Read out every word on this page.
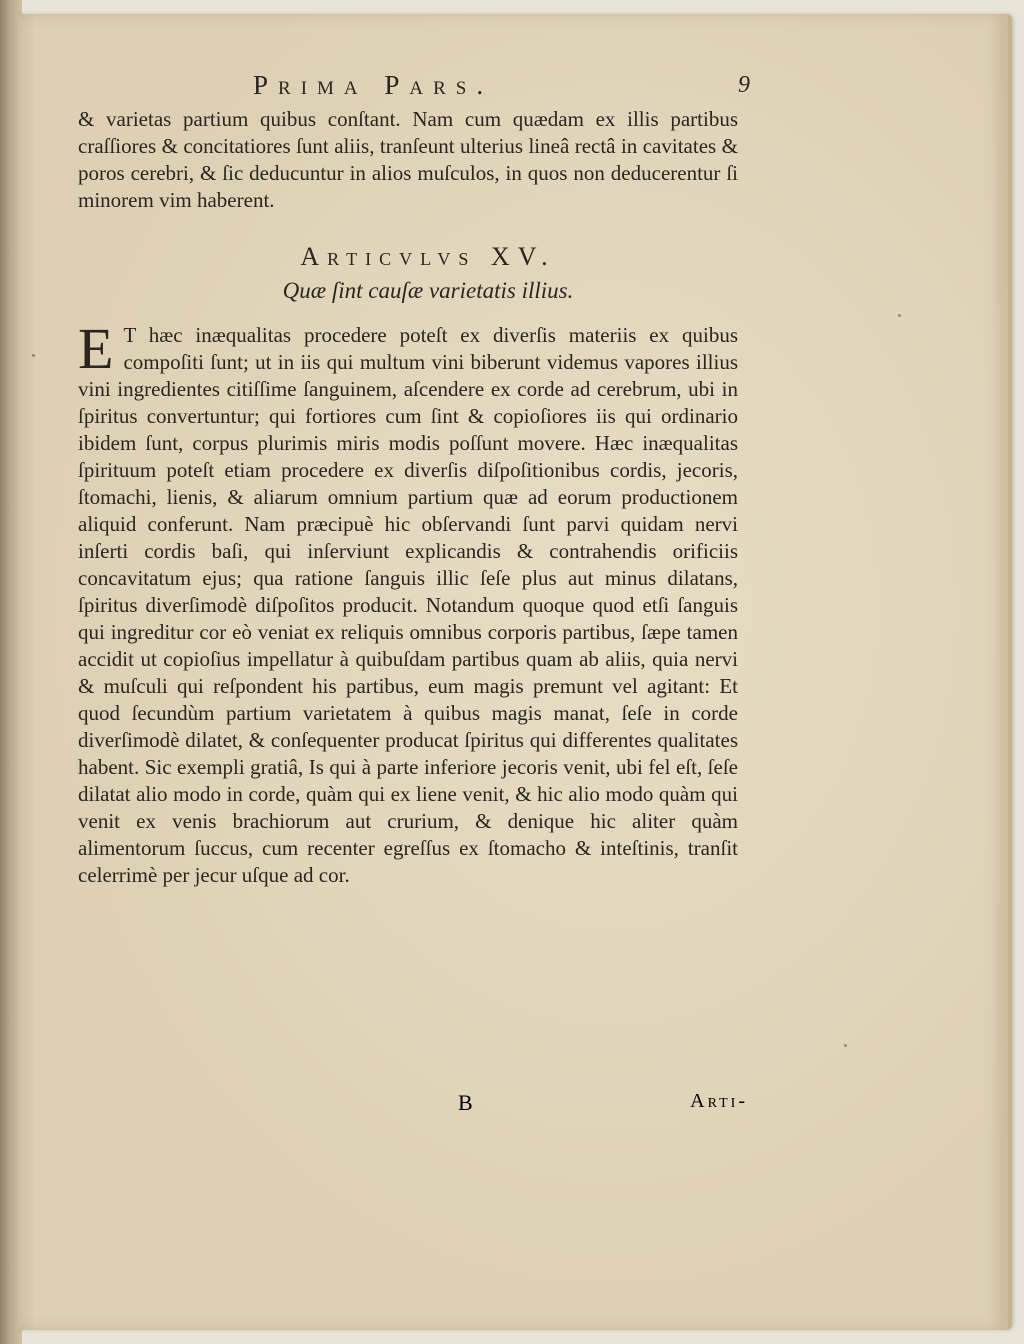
Prima Pars.	9

& varietas partium quibus conſtant. Nam cum quædam ex illis partibus craſſiores & concitatiores ſunt aliis, tranſeunt ulterius lineâ rectâ in cavitates & poros cerebri, & ſic deducuntur in alios muſculos, in quos non deducerentur ſi minorem vim haberent.

Articvlvs XV.
Quæ ſint cauſæ varietatis illius.
E T hæc inæqualitas procedere poteſt ex diverſis materiis ex quibus compoſiti ſunt; ut in iis qui multum vini biberunt videmus vapores illius vini ingredientes citiſſime ſanguinem, aſcendere ex corde ad cerebrum, ubi in ſpiritus convertuntur; qui fortiores cum ſint & copioſiores iis qui ordinario ibidem ſunt, corpus plurimis miris modis poſſunt movere. Hæc inæqualitas ſpirituum poteſt etiam procedere ex diverſis diſpoſitionibus cordis, jecoris, ſtomachi, lienis, & aliarum omnium partium quæ ad eorum productionem aliquid conferunt. Nam præcipuè hic obſervandi ſunt parvi quidam nervi inſerti cordis baſi, qui inſerviunt explicandis & contrahendis orificiis concavitatum ejus; qua ratione ſanguis illic ſeſe plus aut minus dilatans, ſpiritus diverſimodè diſpoſitos producit. Notandum quoque quod etſi ſanguis qui ingreditur cor eò veniat ex reliquis omnibus corporis partibus, ſæpe tamen accidit ut copioſius impellatur à quibuſdam partibus quam ab aliis, quia nervi & muſculi qui reſpondent his partibus, eum magis premunt vel agitant: Et quod ſecundùm partium varietatem à quibus magis manat, ſeſe in corde diverſimodè dilatet, & conſequenter producat ſpiritus qui differentes qualitates habent. Sic exempli gratiâ, Is qui à parte inferiore jecoris venit, ubi fel eſt, ſeſe dilatat alio modo in corde, quàm qui ex liene venit, & hic alio modo quàm qui venit ex venis brachiorum aut crurium, & denique hic aliter quàm alimentorum ſuccus, cum recenter egreſſus ex ſtomacho & inteſtinis, tranſit celerrimè per jecur uſque ad cor.

B	Arti-
